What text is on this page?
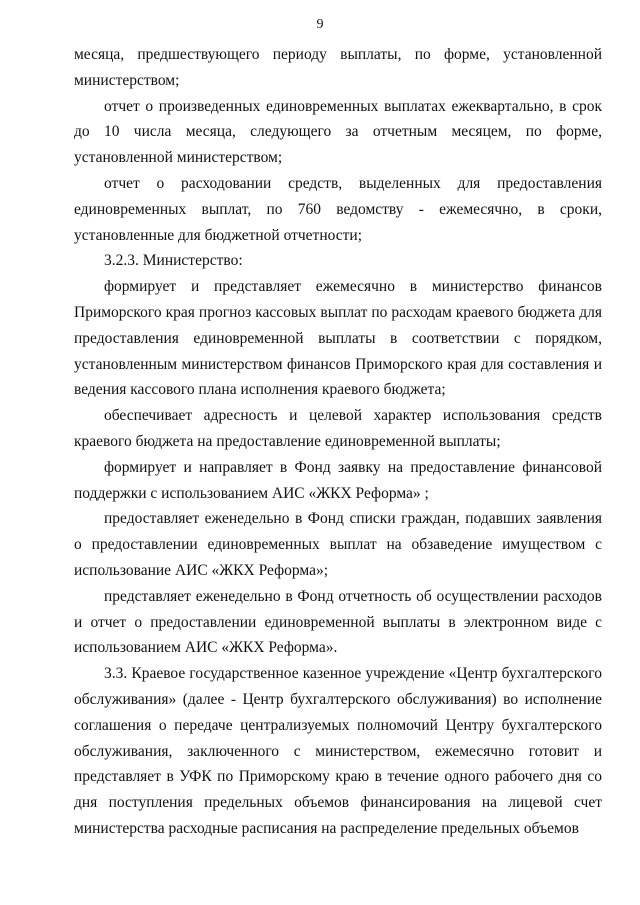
9

месяца, предшествующего периоду выплаты, по форме, установленной министерством;

отчет о произведенных единовременных выплатах ежеквартально, в срок до 10 числа месяца, следующего за отчетным месяцем, по форме, установленной министерством;

отчет о расходовании средств, выделенных для предоставления единовременных выплат, по 760 ведомству - ежемесячно, в сроки, установленные для бюджетной отчетности;

3.2.3. Министерство:

формирует и представляет ежемесячно в министерство финансов Приморского края прогноз кассовых выплат по расходам краевого бюджета для предоставления единовременной выплаты в соответствии с порядком, установленным министерством финансов Приморского края для составления и ведения кассового плана исполнения краевого бюджета;

обеспечивает адресность и целевой характер использования средств краевого бюджета на предоставление единовременной выплаты;

формирует и направляет в Фонд заявку на предоставление финансовой поддержки с использованием АИС «ЖКХ Реформа» ;

предоставляет еженедельно в Фонд списки граждан, подавших заявления о предоставлении единовременных выплат на обзаведение имуществом с использование АИС «ЖКХ Реформа»;

представляет еженедельно в Фонд отчетность об осуществлении расходов и отчет о предоставлении единовременной выплаты в электронном виде с использованием АИС «ЖКХ Реформа».

3.3. Краевое государственное казенное учреждение «Центр бухгалтерского обслуживания» (далее - Центр бухгалтерского обслуживания) во исполнение соглашения о передаче централизуемых полномочий Центру бухгалтерского обслуживания, заключенного с министерством, ежемесячно готовит и представляет в УФК по Приморскому краю в течение одного рабочего дня со дня поступления предельных объемов финансирования на лицевой счет министерства расходные расписания на распределение предельных объемов
